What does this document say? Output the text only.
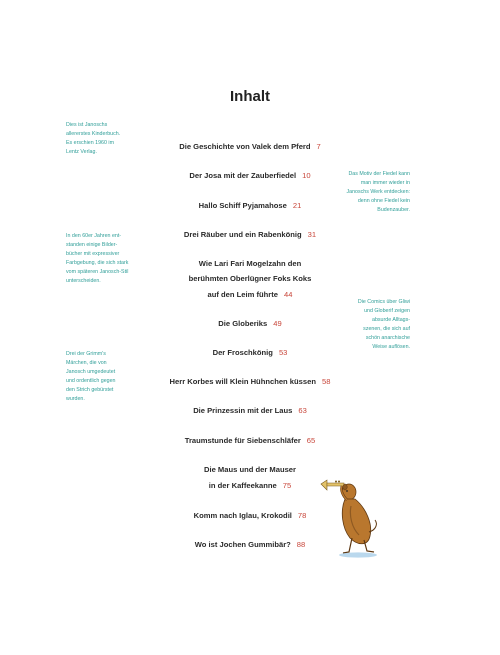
Inhalt
Die Geschichte von Valek dem Pferd 7
Der Josa mit der Zauberfiedel 10
Hallo Schiff Pyjamahose 21
Drei Räuber und ein Rabenkönig 31
Wie Lari Fari Mogelzahn den
berühmten Oberlügner Foks Koks
auf den Leim führte 44
Die Globeriks 49
Der Froschkönig 53
Herr Korbes will Klein Hühnchen küssen 58
Die Prinzessin mit der Laus 63
Traumstunde für Siebenschläfer 65
Die Maus und der Mauser
in der Kaffeekanne 75
Komm nach Iglau, Krokodil 78
Wo ist Jochen Gummibär? 88
Dies ist Janoschs
allererstes Kinderbuch.
Es erschien 1960 im
Lentz Verlag.
In den 60er Jahren ent-
standen einige Bilder-
bücher mit expressiver
Farbgebung, die sich stark
vom späteren Janosch-Stil
unterscheiden.
Drei der Grimm's
Märchen, die von
Janosch umgedeutet
und ordentlich gegen
den Strich gebürstet
wurden.
Das Motiv der Fiedel kann
man immer wieder in
Janoschs Werk entdecken:
denn ohne Fiedel kein
Budenzauber.
Die Comics über Gliwi
und Globerif zeigen
absurde Alltags-
szenen, die sich auf
schön anarchische
Weise auflösen.
